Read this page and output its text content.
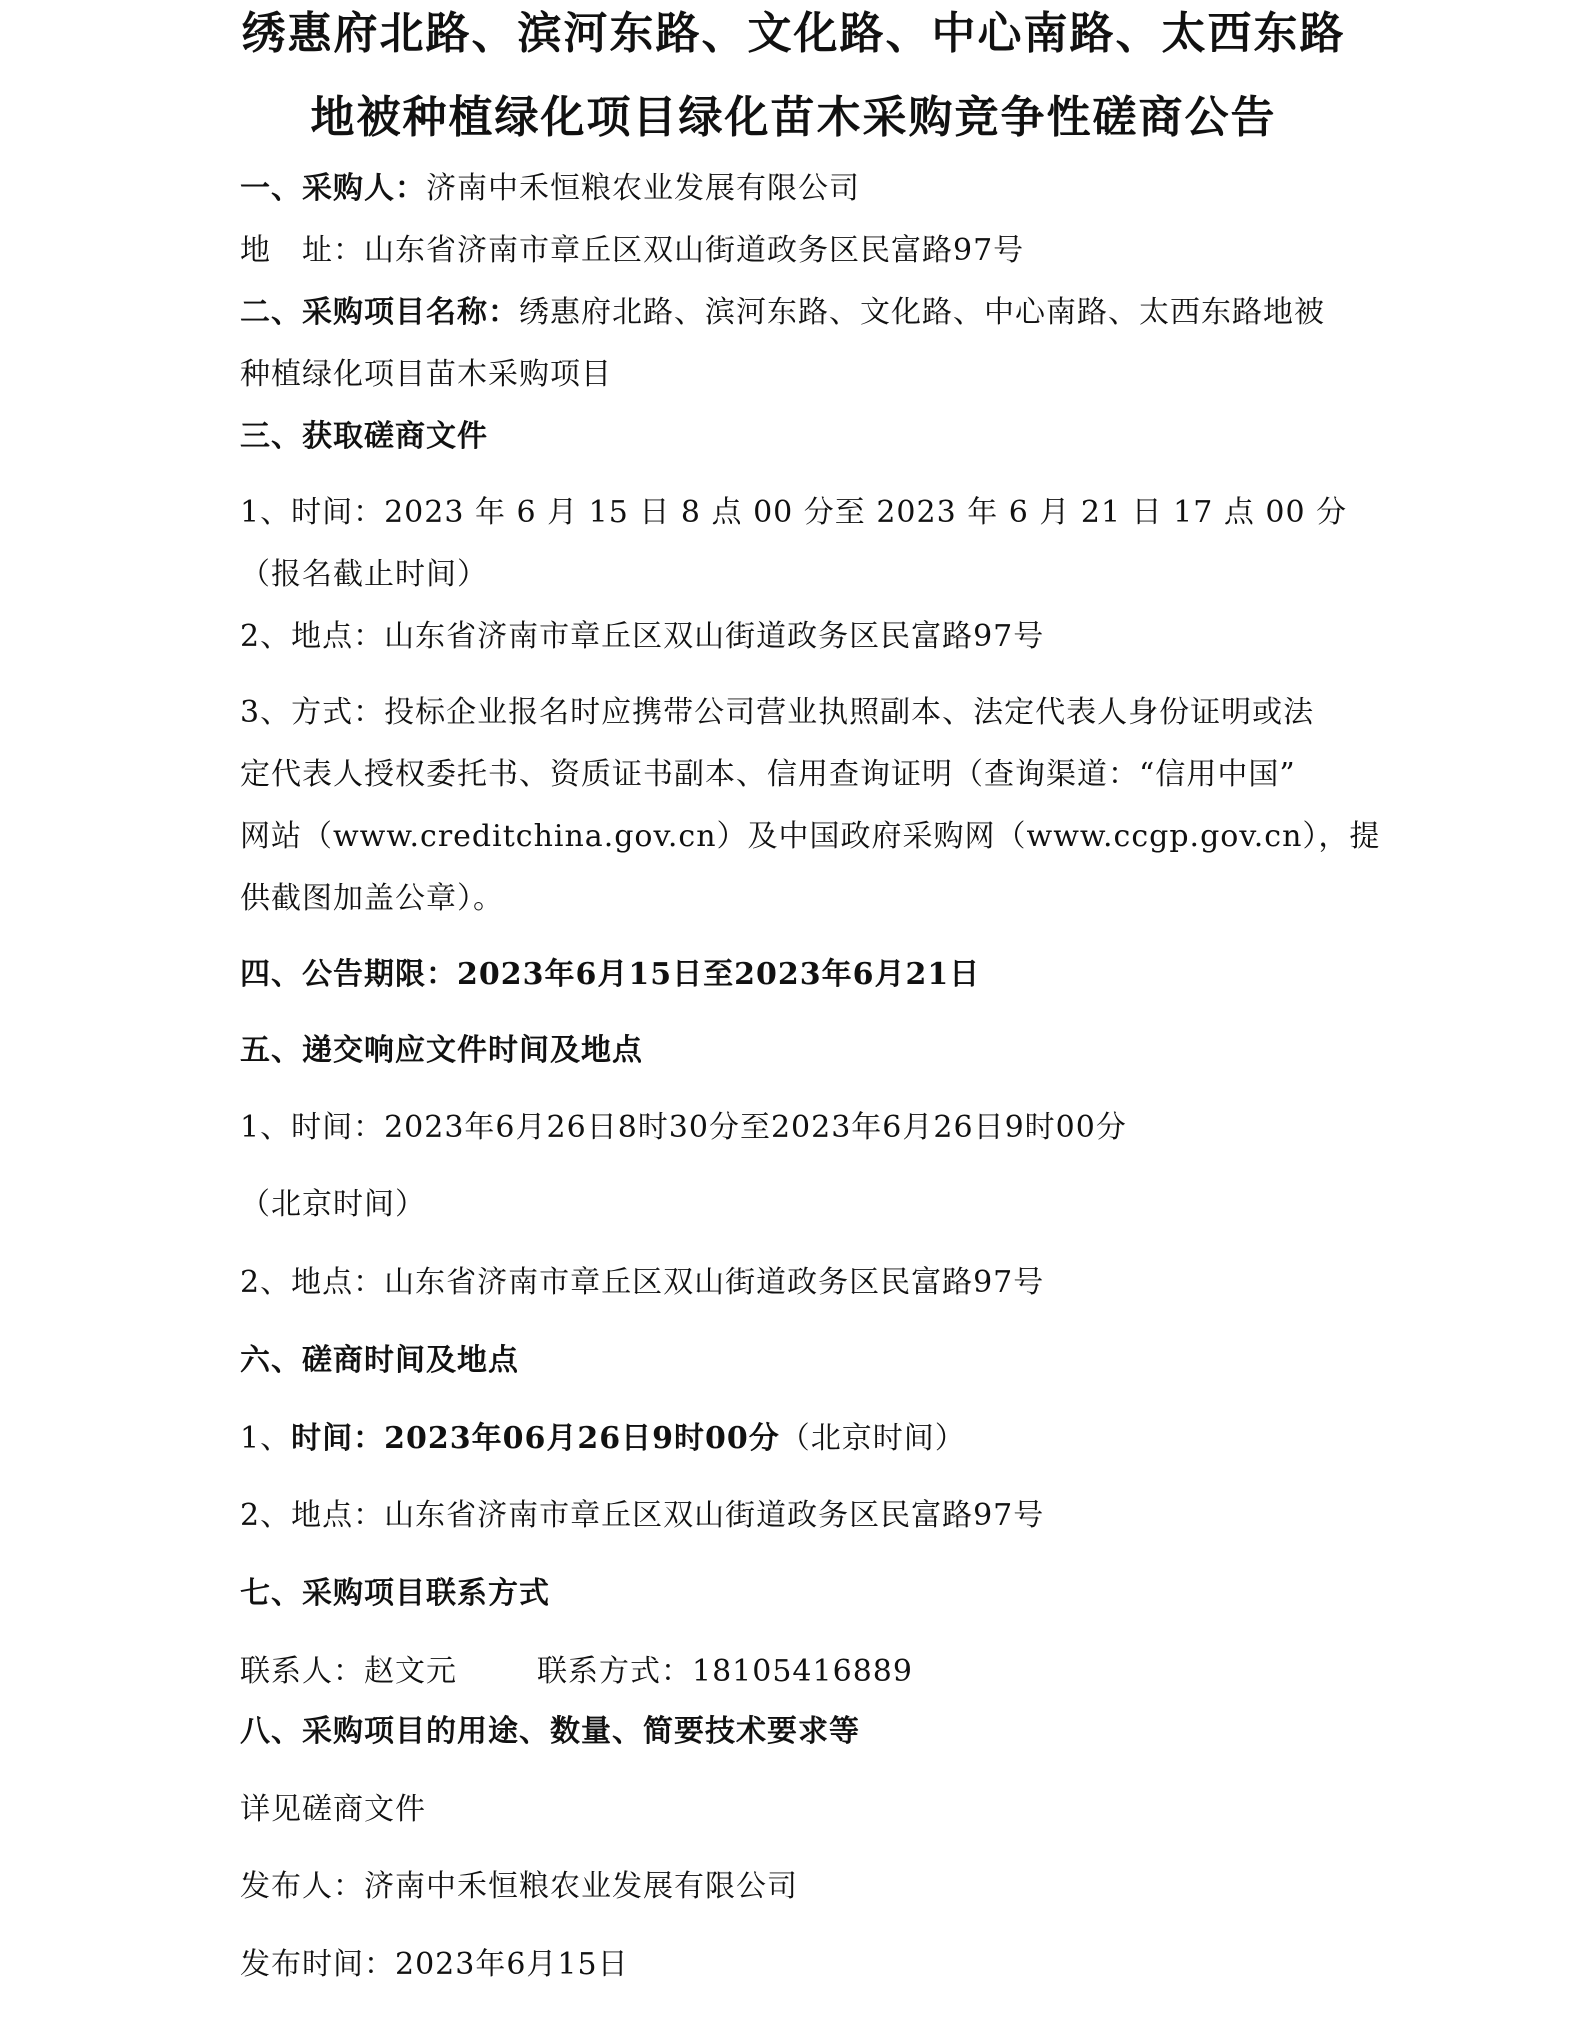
绣惠府北路、滨河东路、文化路、中心南路、太西东路
地被种植绿化项目绿化苗木采购竞争性磋商公告
一、采购人：济南中禾恒粮农业发展有限公司
地　址：山东省济南市章丘区双山街道政务区民富路97号
二、采购项目名称：绣惠府北路、滨河东路、文化路、中心南路、太西东路地被
种植绿化项目苗木采购项目
三、获取磋商文件
1、时间：2023 年 6 月 15 日 8 点 00 分至 2023 年 6 月 21 日 17 点 00 分
（报名截止时间）
2、地点：山东省济南市章丘区双山街道政务区民富路97号
3、方式：投标企业报名时应携带公司营业执照副本、法定代表人身份证明或法
定代表人授权委托书、资质证书副本、信用查询证明（查询渠道：“信用中国”
网站（www.creditchina.gov.cn）及中国政府采购网（www.ccgp.gov.cn），提
供截图加盖公章）。
四、公告期限：2023年6月15日至2023年6月21日
五、递交响应文件时间及地点
1、时间：2023年6月26日8时30分至2023年6月26日9时00分
（北京时间）
2、地点：山东省济南市章丘区双山街道政务区民富路97号
六、磋商时间及地点
1、时间：2023年06月26日9时00分（北京时间）
2、地点：山东省济南市章丘区双山街道政务区民富路97号
七、采购项目联系方式
联系人：赵文元	联系方式：18105416889
八、采购项目的用途、数量、简要技术要求等
详见磋商文件
发布人：济南中禾恒粮农业发展有限公司
发布时间：2023年6月15日
